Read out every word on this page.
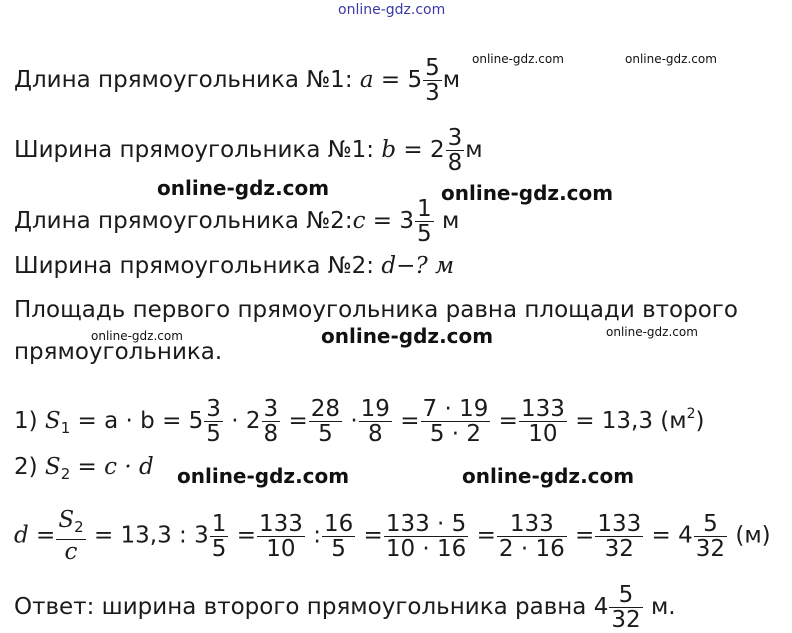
online-gdz.com
online-gdz.com	online-gdz.com
online-gdz.com	online-gdz.com
online-gdz.com	online-gdz.com	online-gdz.com
online-gdz.com	online-gdz.com
Длина прямоугольника №1: $a = 5 \frac{5}{3}$ м
Ширина прямоугольника №1: $b = 2 \frac{3}{8}$ м
Длина прямоугольника №2:c = $3 \frac{1}{5}$ м
Ширина прямоугольника №2: d−? м
Площадь первого прямоугольника равна площади второго
прямоугольника.
1) $S_1 = a \cdot b = 5 \frac{3}{5} \cdot 2 \frac{3}{8} = \frac{28}{5} \cdot \frac{19}{8} = \frac{7 \cdot 19}{5 \cdot 2} = \frac{133}{10} = 13,3$ $(м^2)$
2) $S_2 = c \cdot d$
$d = \frac{S_2}{c} = 13,3$ : $3 \frac{1}{5} = \frac{133}{10}$ : $\frac{16}{5} = \frac{133 \cdot 5}{10 \cdot 16} = \frac{133}{2 \cdot 16} = \frac{133}{32} = 4 \frac{5}{32} (м)$
Ответ: ширина второго прямоугольника равна $4 \frac{5}{32} м$.
